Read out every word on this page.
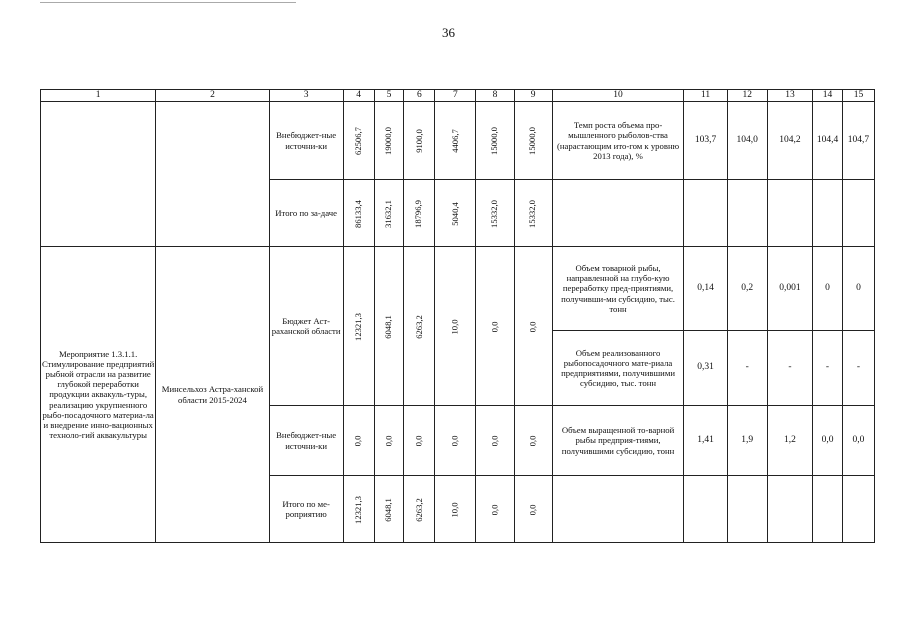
36
1	2	3	4	5	6	7	8	9	10	11	12	13	14	15
		Внебюджет-ные источни-ки	62506,7	19000,0	9100,0	4406,7	15000,0	15000,0	Темп роста объема про-мышленного рыболов-ства (нарастающим ито-гом к уровню 2013 года), %	103,7	104,0	104,2	104,4	104,7
		Итого по за-даче	86133,4	31632,1	18796,9	5040,4	15332,0	15332,0						
Мероприятие 1.3.1.1. Стимулирование предприятий рыбной отрасли на развитие глубокой переработки продукции аквакуль-туры, реализацию укрупненного рыбо-посадочного материа-ла и внедрение инно-вационных техноло-гий аквакультуры	Минсельхоз Астра-ханской области 2015-2024	Бюджет Аст-раханской области	12321,3	6048,1	6263,2	10,0	0,0	0,0	Объем товарной рыбы, направленной на глубо-кую переработку пред-приятиями, получивши-ми субсидию, тыс. тонн	0,14	0,2	0,001	0	0
									Объем реализованного рыбопосадочного мате-риала предприятиями, получившими субсидию, тыс. тонн	0,31	-	-	-	-
		Внебюджет-ные источни-ки	0,0	0,0	0,0	0,0	0,0	0,0	Объем выращенной то-варной рыбы предприя-тиями, получившими субсидию, тонн	1,41	1,9	1,2	0,0	0,0
		Итого по ме-роприятию	12321,3	6048,1	6263,2	10,0	0,0	0,0						
